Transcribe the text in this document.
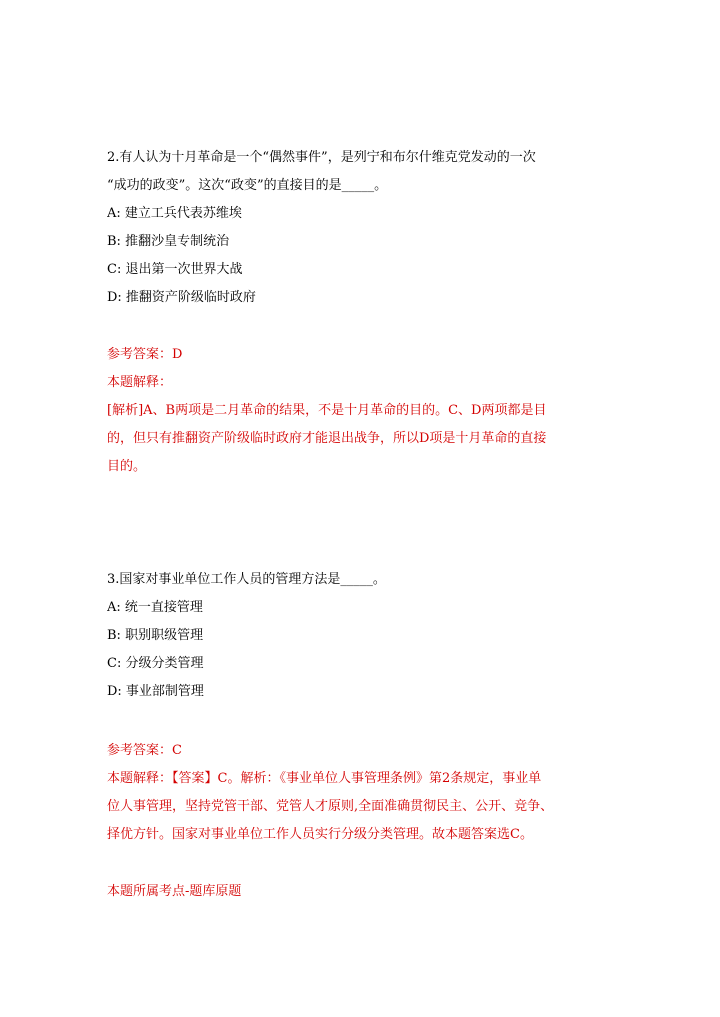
2.有人认为十月革命是一个“偶然事件”，是列宁和布尔什维克党发动的一次
“成功的政变”。这次“政变”的直接目的是_____。
A: 建立工兵代表苏维埃
B: 推翻沙皇专制统治
C: 退出第一次世界大战
D: 推翻资产阶级临时政府
参考答案：D
本题解释：
[解析]A、B两项是二月革命的结果，不是十月革命的目的。C、D两项都是目
的，但只有推翻资产阶级临时政府才能退出战争，所以D项是十月革命的直接
目的。
3.国家对事业单位工作人员的管理方法是_____。
A: 统一直接管理
B: 职别职级管理
C: 分级分类管理
D: 事业部制管理
参考答案：C
本题解释：【答案】C。解析：《事业单位人事管理条例》第2条规定，事业单
位人事管理，坚持党管干部、党管人才原则,全面准确贯彻民主、公开、竞争、
择优方针。国家对事业单位工作人员实行分级分类管理。故本题答案选C。
本题所属考点-题库原题
